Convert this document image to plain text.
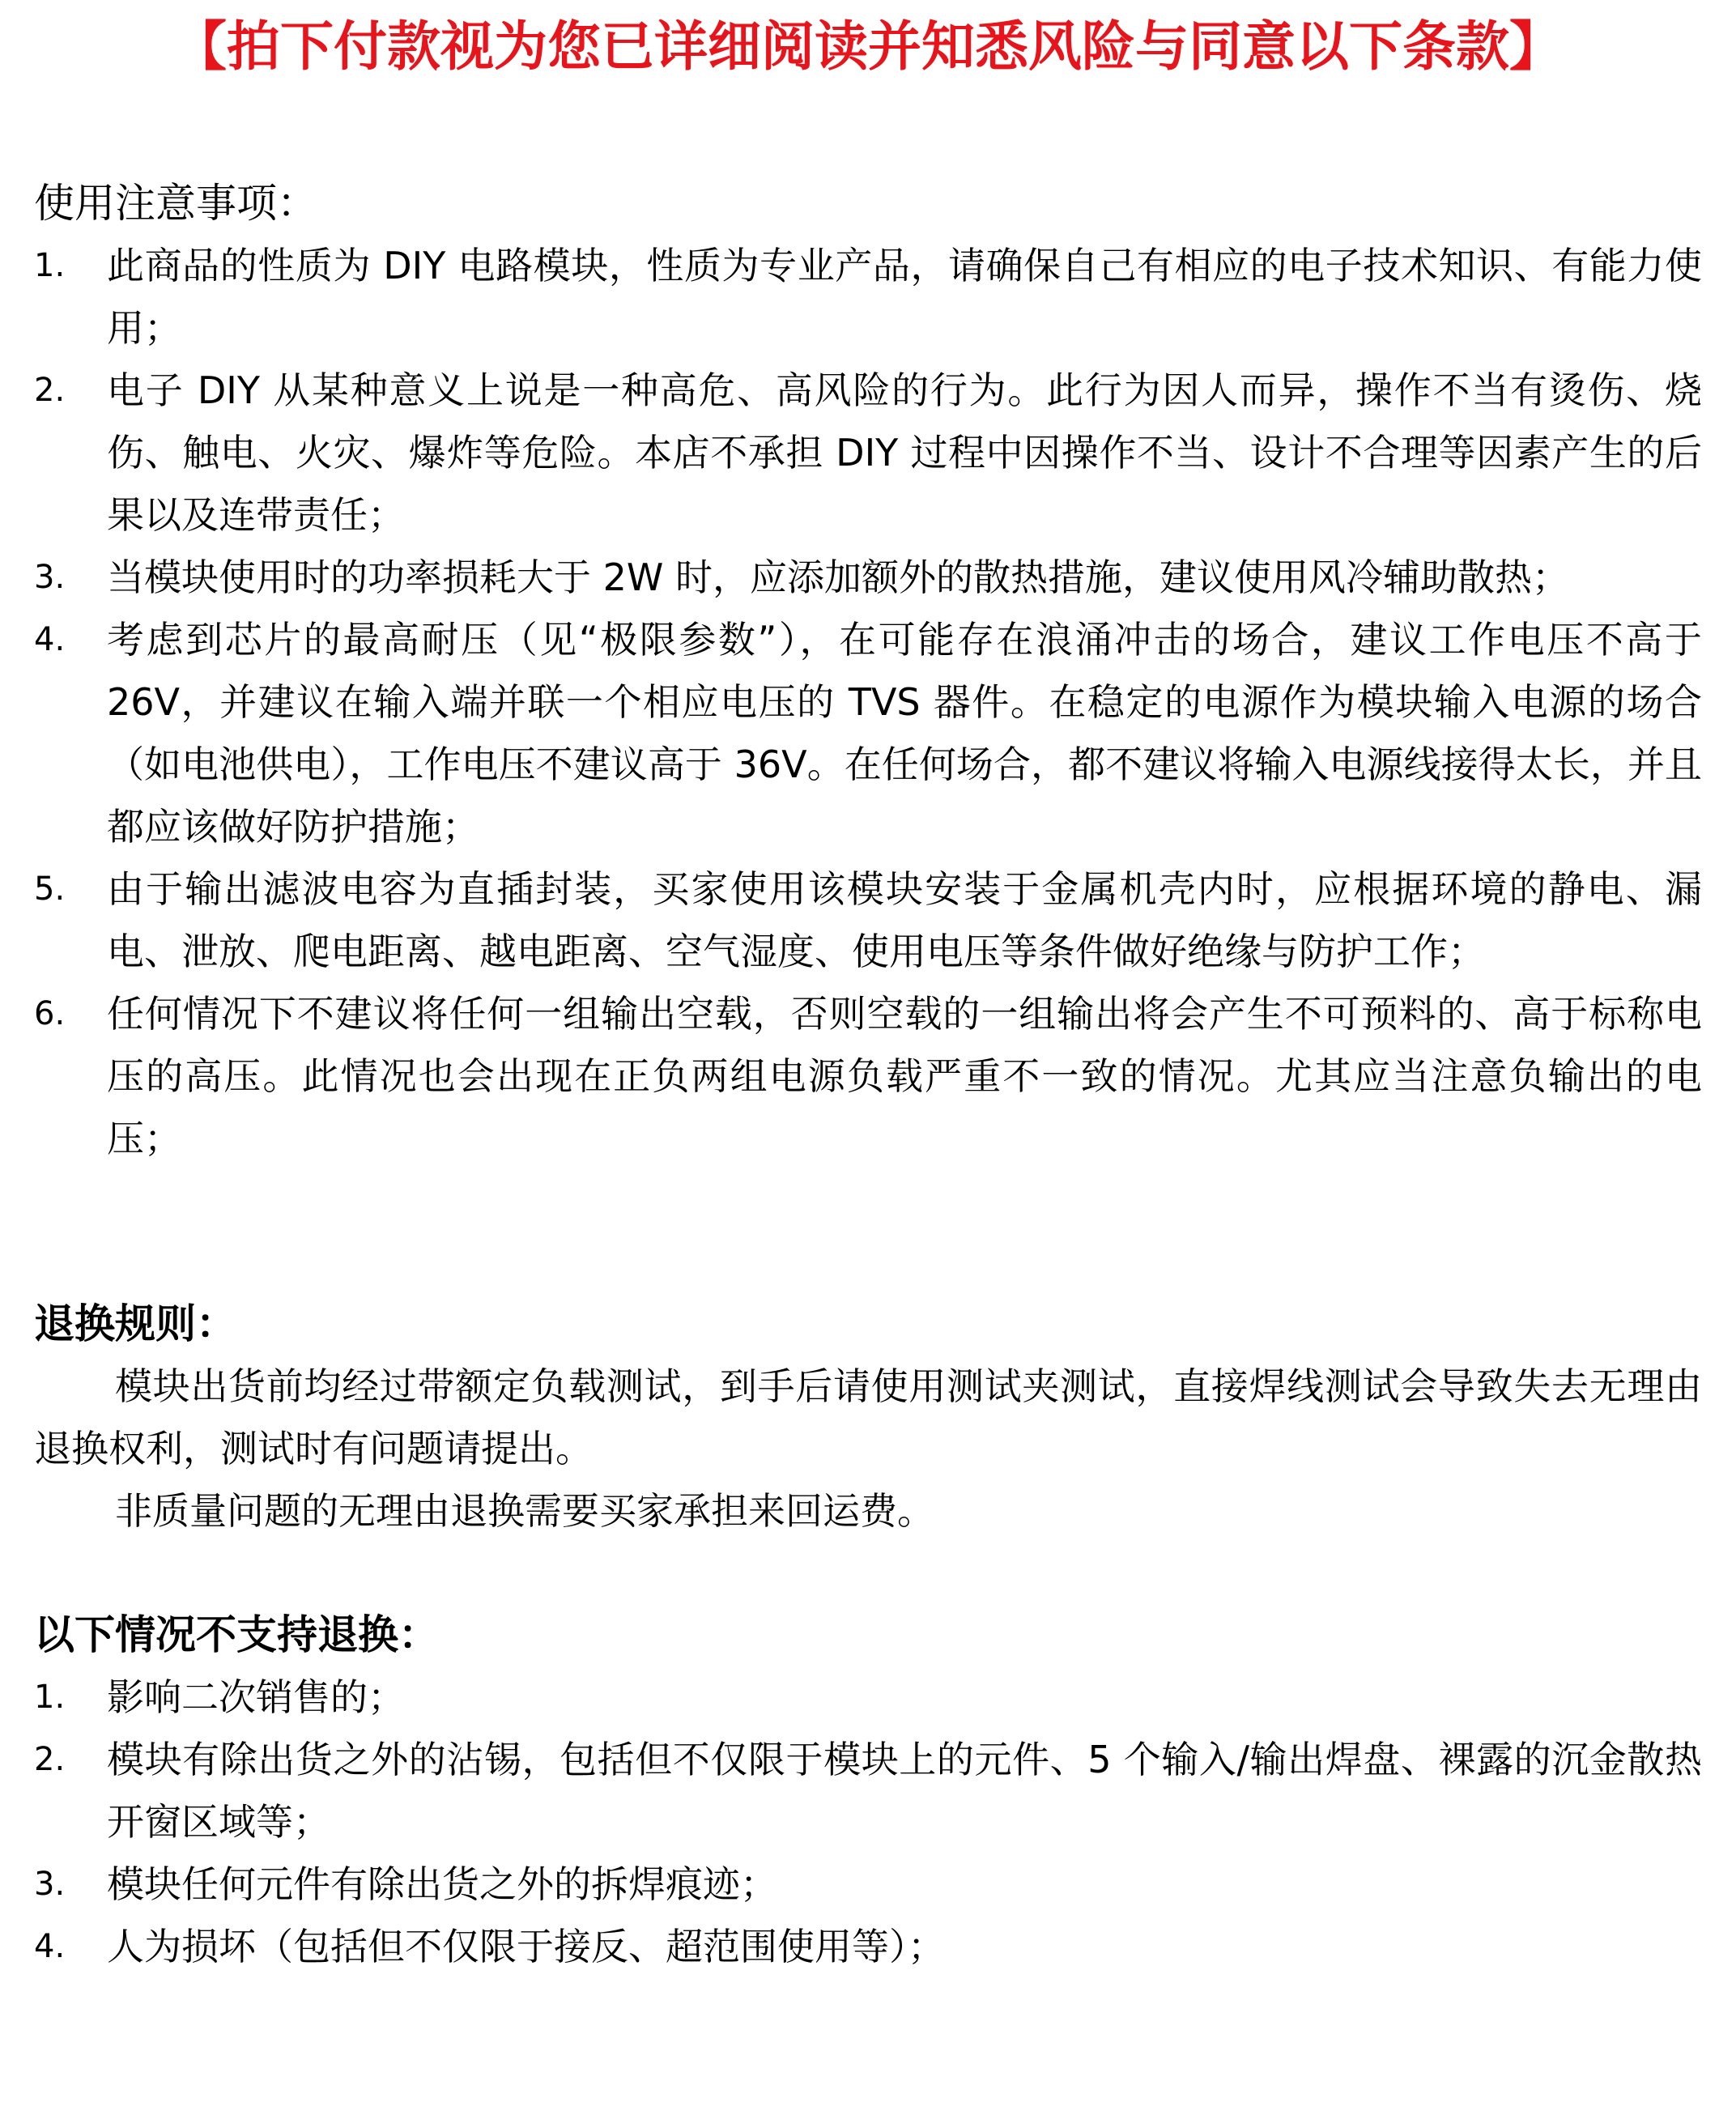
【拍下付款视为您已详细阅读并知悉风险与同意以下条款】

使用注意事项：

1.	此商品的性质为 DIY 电路模块，性质为专业产品，请确保自己有相应的电子技术知识、有能力使用；
2.	电子 DIY 从某种意义上说是一种高危、高风险的行为。此行为因人而异，操作不当有烫伤、烧伤、触电、火灾、爆炸等危险。本店不承担 DIY 过程中因操作不当、设计不合理等因素产生的后果以及连带责任；
3.	当模块使用时的功率损耗大于 2W 时，应添加额外的散热措施，建议使用风冷辅助散热；
4.	考虑到芯片的最高耐压（见“极限参数”），在可能存在浪涌冲击的场合，建议工作电压不高于 26V，并建议在输入端并联一个相应电压的 TVS 器件。在稳定的电源作为模块输入电源的场合（如电池供电），工作电压不建议高于 36V。在任何场合，都不建议将输入电源线接得太长，并且都应该做好防护措施；
5.	由于输出滤波电容为直插封装，买家使用该模块安装于金属机壳内时，应根据环境的静电、漏电、泄放、爬电距离、越电距离、空气湿度、使用电压等条件做好绝缘与防护工作；
6.	任何情况下不建议将任何一组输出空载，否则空载的一组输出将会产生不可预料的、高于标称电压的高压。此情况也会出现在正负两组电源负载严重不一致的情况。尤其应当注意负输出的电压；

退换规则：

模块出货前均经过带额定负载测试，到手后请使用测试夹测试，直接焊线测试会导致失去无理由退换权利，测试时有问题请提出。

非质量问题的无理由退换需要买家承担来回运费。

以下情况不支持退换：

1.	影响二次销售的；
2.	模块有除出货之外的沾锡，包括但不仅限于模块上的元件、5 个输入/输出焊盘、裸露的沉金散热开窗区域等；
3.	模块任何元件有除出货之外的拆焊痕迹；
4.	人为损坏（包括但不仅限于接反、超范围使用等）；
